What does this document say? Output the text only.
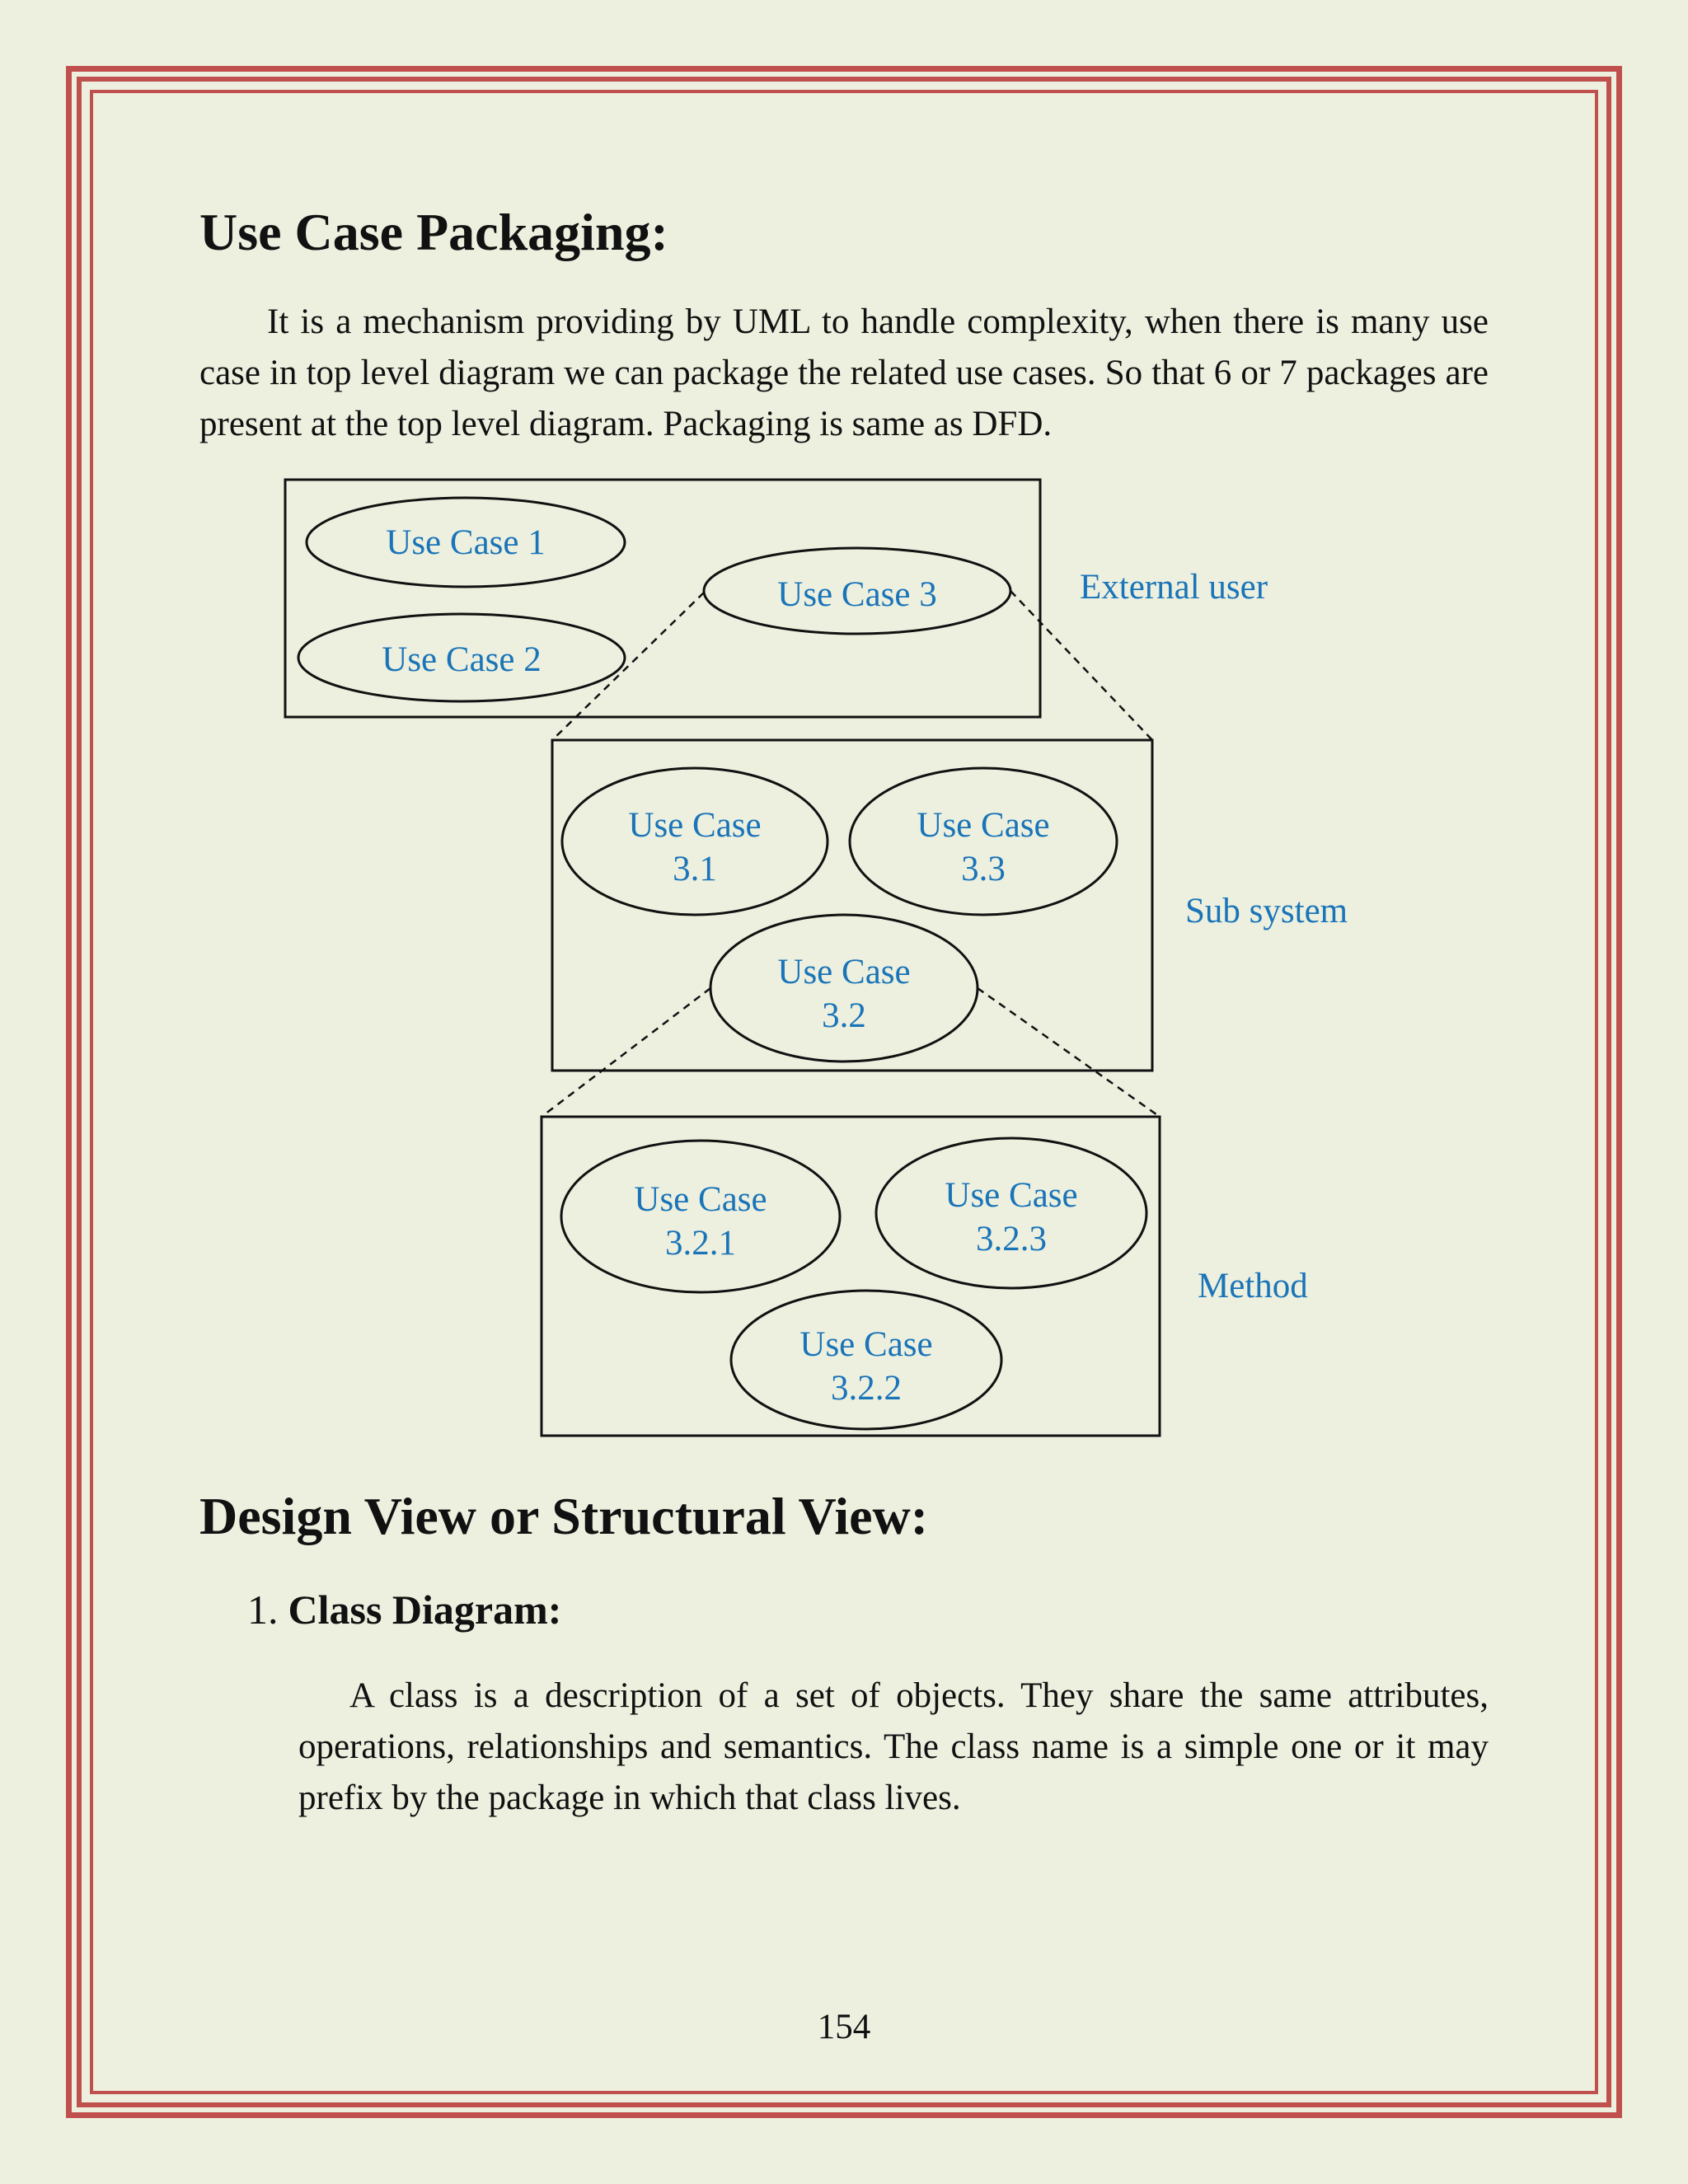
Use Case Packaging:

It is a mechanism providing by UML to handle complexity, when there is many use case in top level diagram we can package the related use cases. So that 6 or 7 packages are present at the top level diagram. Packaging is same as DFD.

Use Case 1
Use Case 2
Use Case 3	External user
Use Case
3.1
Use Case
3.3
Use Case
3.2
Sub system
Use Case
3.2.1
Use Case
3.2.3
Use Case
3.2.2
Method
Design View or Structural View:
1. Class Diagram:

A class is a description of a set of objects. They share the same attributes, operations, relationships and semantics. The class name is a simple one or it may prefix by the package in which that class lives.

154
